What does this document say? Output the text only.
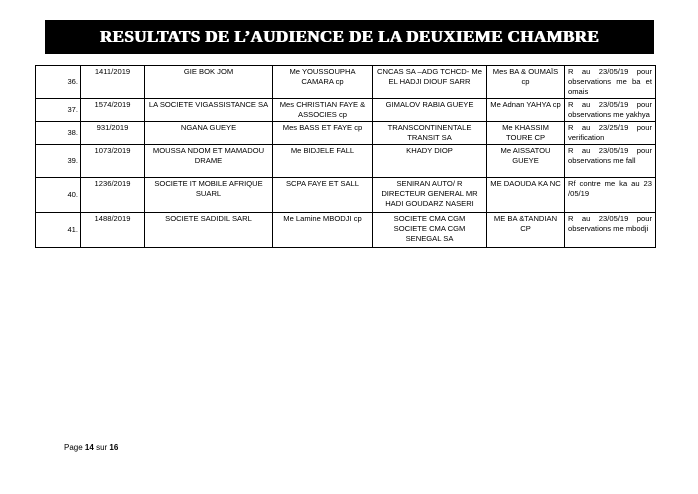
RESULTATS DE L’AUDIENCE DE LA DEUXIEME CHAMBRE
36.	1411/2019	GIE BOK JOM	Me YOUSSOUPHA CAMARA cp	CNCAS SA –ADG TCHCD- Me EL HADJI DIOUF SARR	Mes BA & OUMAÏS cp	R au 23/05/19 pour observations me ba et omais
37.	1574/2019	LA SOCIETE VIGASSISTANCE SA	Mes CHRISTIAN FAYE & ASSOCIES cp	GIMALOV RABIA GUEYE	Me Adnan YAHYA cp	R au 23/05/19 pour observations me yakhya
38.	931/2019	NGANA GUEYE	Mes BASS ET FAYE cp	TRANSCONTINENTALE TRANSIT SA	Me KHASSIM TOURE CP	R au 23/25/19 pour verification
39.	1073/2019	MOUSSA NDOM ET MAMADOU DRAME	Me BIDJELE FALL	KHADY DIOP	Me AISSATOU GUEYE	R au 23/05/19 pour observations me fall
40.	1236/2019	SOCIETE IT MOBILE AFRIQUE SUARL	SCPA FAYE ET SALL	SENIRAN AUTO/ R DIRECTEUR GENERAL MR HADI GOUDARZ NASERI	ME DAOUDA KA NC	Rf contre me ka au 23 /05/19
41.	1488/2019	SOCIETE SADIDIL SARL	Me Lamine MBODJI cp	SOCIETE CMA CGM SOCIETE CMA CGM SENEGAL SA	ME BA &TANDIAN CP	R au 23/05/19 pour observations me mbodji
Page 14 sur 16
